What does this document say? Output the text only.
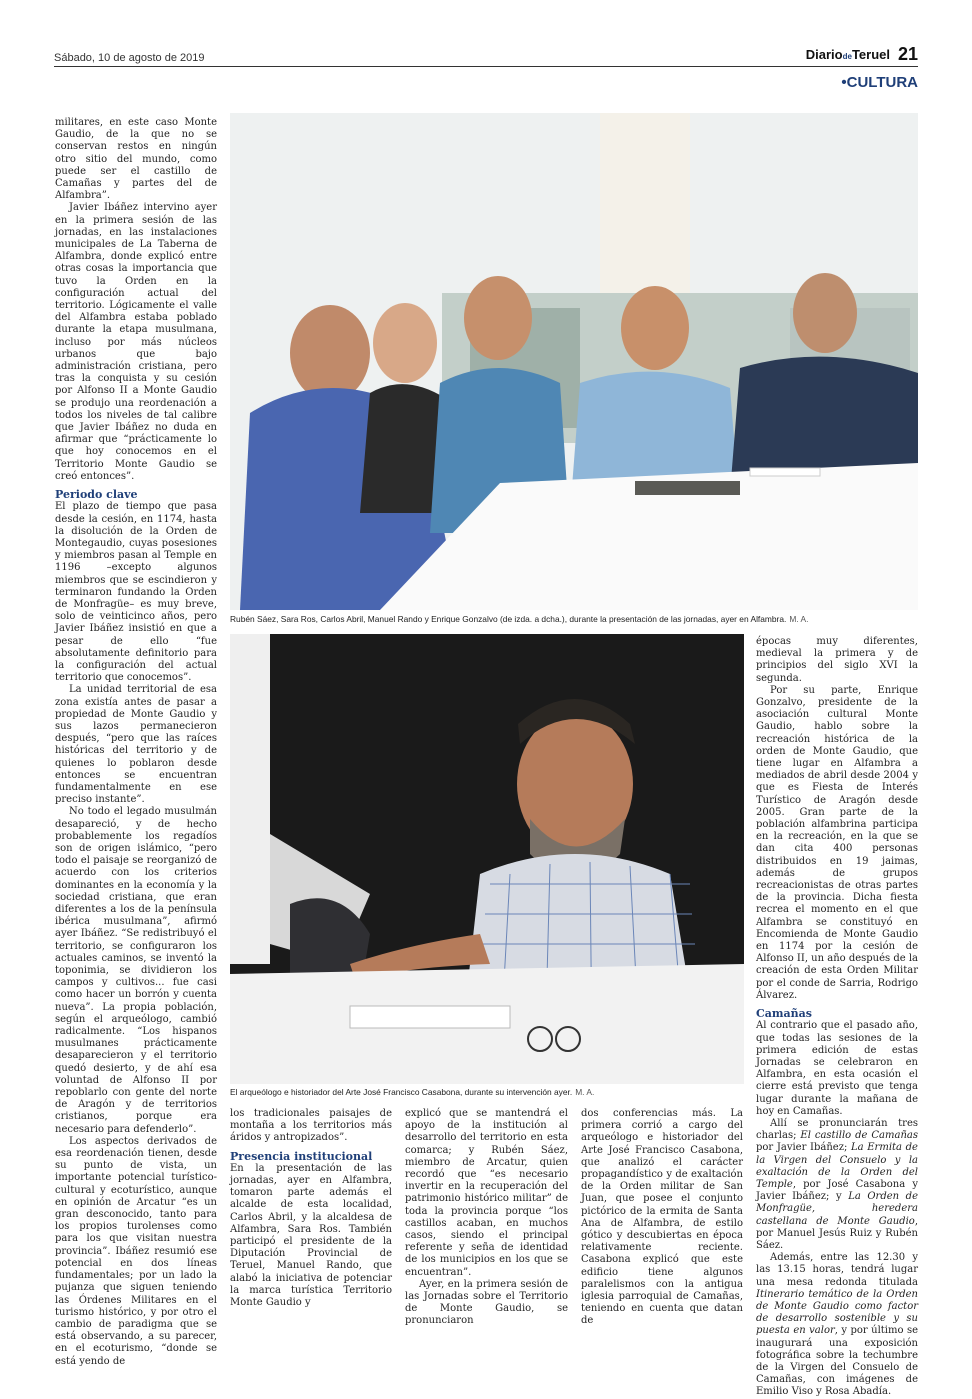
Sábado, 10 de agosto de 2019	DiariodeTeruel 21
•CULTURA
Rubén Sáez, Sara Ros, Carlos Abril, Manuel Rando y Enrique Gonzalvo (de izda. a dcha.), durante la presentación de las jornadas, ayer en Alfambra. M. A.
El arqueólogo e historiador del Arte José Francisco Casabona, durante su intervención ayer. M. A.

militares, en este caso Monte Gaudio, de la que no se conservan restos en ningún otro sitio del mundo, como puede ser el castillo de Camañas y partes del de Alfambra”.

Javier Ibáñez intervino ayer en la primera sesión de las jornadas, en las instalaciones municipales de La Taberna de Alfambra, donde explicó entre otras cosas la importancia que tuvo la Orden en la configuración actual del territorio. Lógicamente el valle del Alfambra estaba poblado durante la etapa musulmana, incluso por más núcleos urbanos que bajo administración cristiana, pero tras la conquista y su cesión por Alfonso II a Monte Gaudio se produjo una reordenación a todos los niveles de tal calibre que Javier Ibáñez no duda en afirmar que “prácticamente lo que hoy conocemos en el Territorio Monte Gaudio se creó entonces”.

Periodo clave

El plazo de tiempo que pasa desde la cesión, en 1174, hasta la disolución de la Orden de Montegaudio, cuyas posesiones y miembros pasan al Temple en 1196 –excepto algunos miembros que se escindieron y terminaron fundando la Orden de Monfragüe– es muy breve, solo de veinticinco años, pero Javier Ibáñez insistió en que a pesar de ello “fue absolutamente definitorio para la configuración del actual territorio que conocemos”.

La unidad territorial de esa zona existía antes de pasar a propiedad de Monte Gaudio y sus lazos permanecieron después, “pero que las raíces históricas del territorio y de quienes lo poblaron desde entonces se encuentran fundamentalmente en ese preciso instante”.

No todo el legado musulmán desapareció, y de hecho probablemente los regadíos son de origen islámico, “pero todo el paisaje se reorganizó de acuerdo con los criterios dominantes en la economía y la sociedad cristiana, que eran diferentes a los de la península ibérica musulmana”, afirmó ayer Ibáñez. “Se redistribuyó el territorio, se configuraron los actuales caminos, se inventó la toponimia, se dividieron los campos y cultivos... fue casi como hacer un borrón y cuenta nueva”. La propia población, según el arqueólogo, cambió radicalmente. “Los hispanos musulmanes prácticamente desaparecieron y el territorio quedó desierto, y de ahí esa voluntad de Alfonso II por repoblarlo con gente del norte de Aragón y de territorios cristianos, porque era necesario para defenderlo”.

Los aspectos derivados de esa reordenación tienen, desde su punto de vista, un importante potencial turístico-cultural y ecoturístico, aunque en opinión de Arcatur “es un gran desconocido, tanto para los propios turolenses como para los que visitan nuestra provincia”. Ibáñez resumió ese potencial en dos líneas fundamentales; por un lado la pujanza que siguen teniendo las Órdenes Militares en el turismo histórico, y por otro el cambio de paradigma que se está observando, a su parecer, en el ecoturismo, “donde se está yendo de

los tradicionales paisajes de montaña a los territorios más áridos y antropizados”.

Presencia institucional

En la presentación de las jornadas, ayer en Alfambra, tomaron parte además el alcalde de esta localidad, Carlos Abril, y la alcaldesa de Alfambra, Sara Ros. También participó el presidente de la Diputación Provincial de Teruel, Manuel Rando, que alabó la iniciativa de potenciar la marca turística Territorio Monte Gaudio y

explicó que se mantendrá el apoyo de la institución al desarrollo del territorio en esta comarca; y Rubén Sáez, miembro de Arcatur, quien recordó que “es necesario invertir en la recuperación del patrimonio histórico militar” de toda la provincia porque “los castillos acaban, en muchos casos, siendo el principal referente y seña de identidad de los municipios en los que se encuentran”.

Ayer, en la primera sesión de las Jornadas sobre el Territorio de Monte Gaudio, se pronunciaron

dos conferencias más. La primera corrió a cargo del arqueólogo e historiador del Arte José Francisco Casabona, que analizó el carácter propagandístico y de exaltación de la Orden militar de San Juan, que posee el conjunto pictórico de la ermita de Santa Ana de Alfambra, de estilo gótico y descubiertas en época relativamente reciente. Casabona explicó que este edificio tiene algunos paralelismos con la antigua iglesia parroquial de Camañas, teniendo en cuenta que datan de

épocas muy diferentes, medieval la primera y de principios del siglo XVI la segunda.

Por su parte, Enrique Gonzalvo, presidente de la asociación cultural Monte Gaudio, hablo sobre la recreación histórica de la orden de Monte Gaudio, que tiene lugar en Alfambra a mediados de abril desde 2004 y que es Fiesta de Interés Turístico de Aragón desde 2005. Gran parte de la población alfambrina participa en la recreación, en la que se dan cita 400 personas distribuidos en 19 jaimas, además de grupos recreacionistas de otras partes de la provincia. Dicha fiesta recrea el momento en el que Alfambra se constituyó en Encomienda de Monte Gaudio en 1174 por la cesión de Alfonso II, un año después de la creación de esta Orden Militar por el conde de Sarria, Rodrigo Álvarez.

Camañas

Al contrario que el pasado año, que todas las sesiones de la primera edición de estas Jornadas se celebraron en Alfambra, en esta ocasión el cierre está previsto que tenga lugar durante la mañana de hoy en Camañas.

Allí se pronunciarán tres charlas; El castillo de Camañas por Javier Ibáñez; La Ermita de la Virgen del Consuelo y la exaltación de la Orden del Temple, por José Casabona y Javier Ibáñez; y La Orden de Monfragüe, heredera castellana de Monte Gaudio, por Manuel Jesús Ruiz y Rubén Sáez.

Además, entre las 12.30 y las 13.15 horas, tendrá lugar una mesa redonda titulada Itinerario temático de la Orden de Monte Gaudio como factor de desarrollo sostenible y su puesta en valor, y por último se inaugurará una exposición fotográfica sobre la techumbre de la Virgen del Consuelo de Camañas, con imágenes de Emilio Viso y Rosa Abadía.
